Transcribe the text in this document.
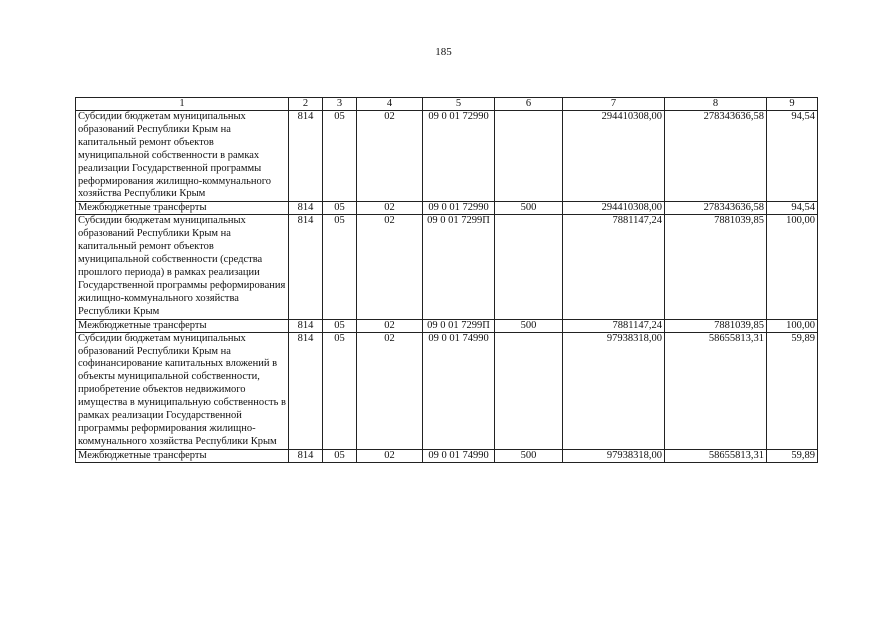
185
1	2	3	4	5	6	7	8	9
Субсидии бюджетам муниципальных образований Республики Крым на капитальный ремонт объектов муниципальной собственности в рамках реализации Государственной программы реформирования жилищно-коммунального хозяйства Республики Крым	814	05	02	09 0 01 72990		294410308,00	278343636,58	94,54
Межбюджетные трансферты	814	05	02	09 0 01 72990	500	294410308,00	278343636,58	94,54
Субсидии бюджетам муниципальных образований Республики Крым на капитальный ремонт объектов муниципальной собственности (средства прошлого периода) в рамках реализации Государственной программы реформирования жилищно-коммунального хозяйства Республики Крым	814	05	02	09 0 01 7299П		7881147,24	7881039,85	100,00
Межбюджетные трансферты	814	05	02	09 0 01 7299П	500	7881147,24	7881039,85	100,00
Субсидии бюджетам муниципальных образований Республики Крым на софинансирование капитальных вложений в объекты муниципальной собственности, приобретение объектов недвижимого имущества в муниципальную собственность в рамках реализации Государственной программы реформирования жилищно-коммунального хозяйства Республики Крым	814	05	02	09 0 01 74990		97938318,00	58655813,31	59,89
Межбюджетные трансферты	814	05	02	09 0 01 74990	500	97938318,00	58655813,31	59,89
